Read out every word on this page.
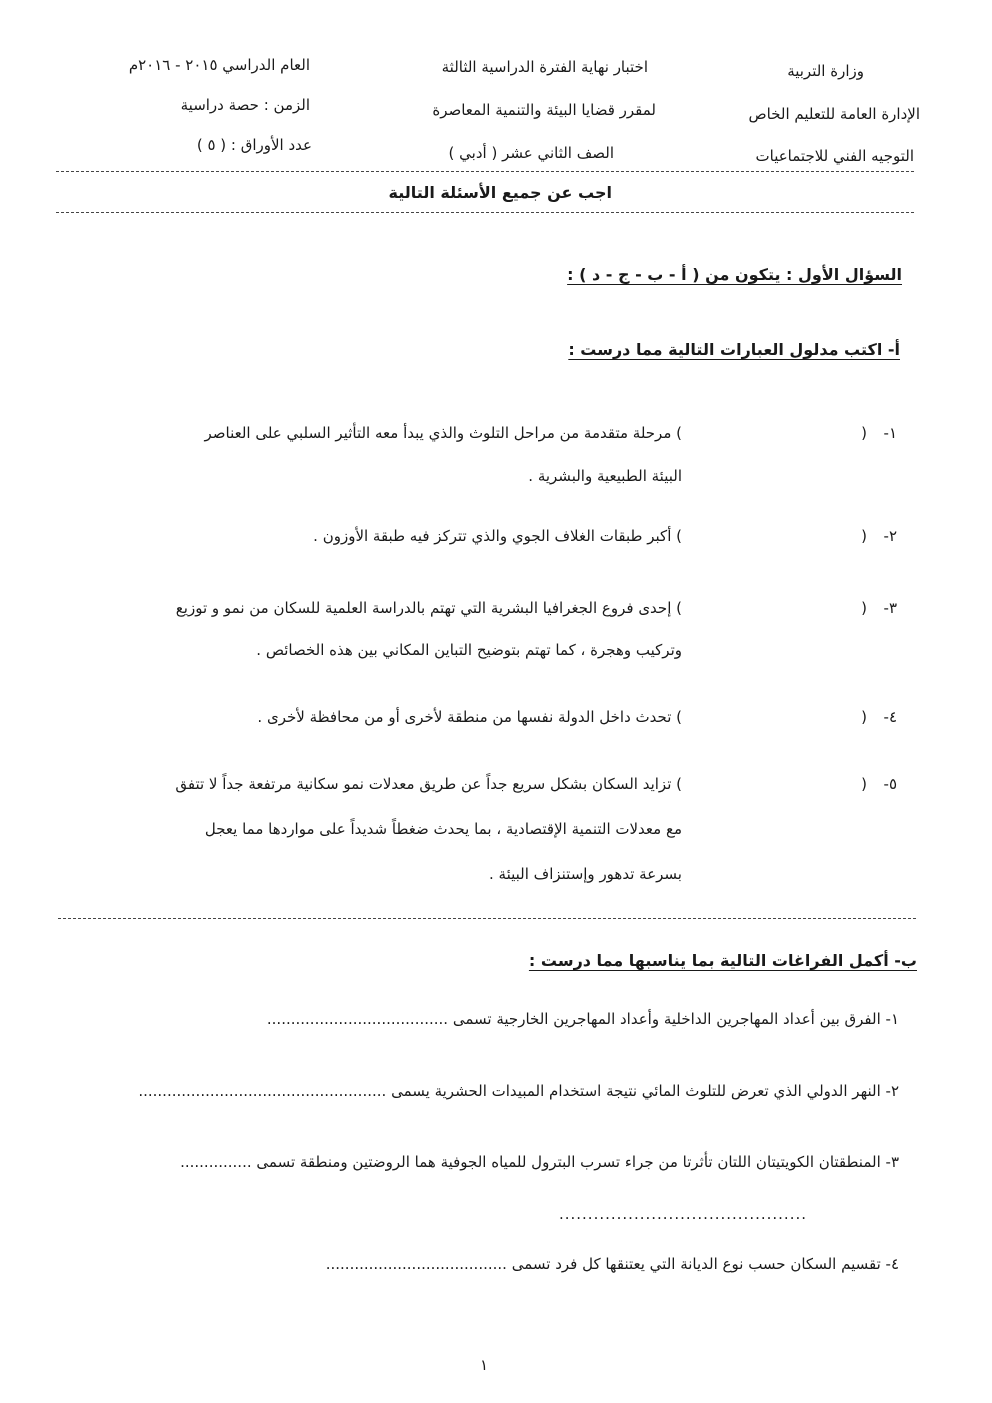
وزارة التربية
الإدارة العامة للتعليم الخاص
التوجيه الفني للاجتماعيات
اختبار نهاية الفترة الدراسية الثالثة
لمقرر قضايا البيئة والتنمية المعاصرة
الصف الثاني عشر ( أدبي )
العام الدراسي ٢٠١٥ - ٢٠١٦م
الزمن : حصة دراسية
عدد الأوراق : ( ٥ )
اجب عن جميع الأسئلة التالية
السؤال الأول : يتكون من ( أ - ب - ج - د ) :
أ- اكتب مدلول العبارات التالية مما درست :
١-
(
) مرحلة متقدمة من مراحل التلوث والذي يبدأ معه التأثير السلبي على العناصر
البيئة الطبيعية والبشرية .
٢-
(
) أكبر طبقات الغلاف الجوي والذي تتركز فيه طبقة الأوزون .
٣-
(
) إحدى فروع الجغرافيا البشرية التي تهتم بالدراسة العلمية للسكان من نمو و توزيع
وتركيب وهجرة ، كما تهتم بتوضيح التباين المكاني بين هذه الخصائص .
٤-
(
) تحدث داخل الدولة نفسها من منطقة لأخرى أو من محافظة لأخرى .
٥-
(
) تزايد السكان بشكل سريع جداً عن طريق معدلات نمو سكانية مرتفعة جداً لا تتفق
مع معدلات التنمية الإقتصادية ، بما يحدث ضغطاً شديداً على مواردها مما يعجل
بسرعة تدهور وإستنزاف البيئة .
ب- أكمل الفراغات التالية بما يناسبها مما درست :
١- الفرق بين أعداد المهاجرين الداخلية وأعداد المهاجرين الخارجية تسمى ......................................
٢- النهر الدولي الذي تعرض للتلوث المائي نتيجة استخدام المبيدات الحشرية يسمى ....................................................
٣- المنطقتان الكويتيتان اللتان تأثرتا من جراء تسرب البترول للمياه الجوفية هما الروضتين ومنطقة تسمى ...............
...........................................
٤- تقسيم السكان حسب نوع الديانة التي يعتنقها كل فرد تسمى ......................................
١
